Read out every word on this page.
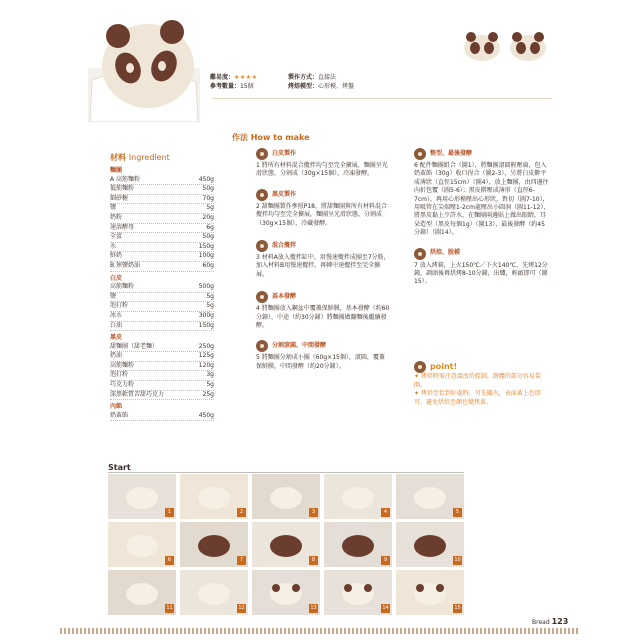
難易度：★★★★
參考數量：15個
製作方式：直接法
烤焙模型：心形模、烤盤
材料 Ingredient
麵團
A 高筋麵粉	450g
低筋麵粉	50g
細砂糖	70g
鹽	5g
奶粉	20g
速溶酵母	6g
全蛋	50g
水	150g
鮮奶	100g
B 無鹽奶油	60g
白皮
高筋麵粉	500g
鹽	5g
泡打粉	5g
冰水	300g
白油	150g
黑皮
甜麵團（甜老麵）	250g
奶油	125g
高筋麵粉	120g
泡打粉	3g
巧克力粉	5g
深黑軟質苦甜巧克力	25g
內餡
奶黃餡	450g
作法 How to make
白皮製作
1 將所有材料混合攪拌均勻至完全擴展，麵團呈光滑狀態，分割成（30g×15個），冷凍發酵。
黑皮製作
2 甜麵團製作參照P18，將甜麵團與所有材料混合攪拌均勻至完全擴展，麵團呈光滑狀態，分割成（30g×15個），冷藏發酵。
混合攪拌
3 材料A放入攪拌缸中，用慢速攪拌成團至7分筋，加入材料B用慢速攪拌，再轉中速攪拌至完全擴展。
基本發酵
4 將麵團放入鋼盆中覆蓋保鮮膜，基本發酵（約60分鐘），中途（約30分鐘）將麵團做翻麵後繼續發酵。
分割滾圓、中間發酵
5 將麵團分割成小團（60g×15個），滾圓，覆蓋保鮮膜，中間發酵（約20分鐘）。
整型、最後發酵
6 配件麵團組合（圖1），將麵團滾圓輕壓扁，包入奶黃餡（30g）收口捏合（圖2-3），另將白皮擀平成薄狀（直徑15cm）（圖4），放上麵團，由四邊往內折包覆（圖5-6）；黑皮擀壓成薄形（直徑6-7cm），再用心形模壓出心形狀，對切（圖7-10），用吸管在尖端壓1-2cm處壓出小圓洞（圖11-12），將黑皮黏上少許水，在麵團兩邊貼上做出眼睛，耳朵造型（黑皮每個1g）（圖13），最後發酵（約45分鐘）（圖14）。
烘焙、脫模
7 放入烤箱，上火150℃／下火140℃，先烤12分鐘，調頭後再烘烤8-10分鐘，出爐，輕敲即可（圖15）。
point!
✦ 烤焙時需注意溫度的控制，餅體的部分容易裂開。
✦ 烤焙至恰到好處時，可先關火，表面黃上色即可，避免烘焙至顏色變焦黃。
Start
1	2	3	4	5
6	7	8	9	10
11	12	13	14	15
Bread 123
